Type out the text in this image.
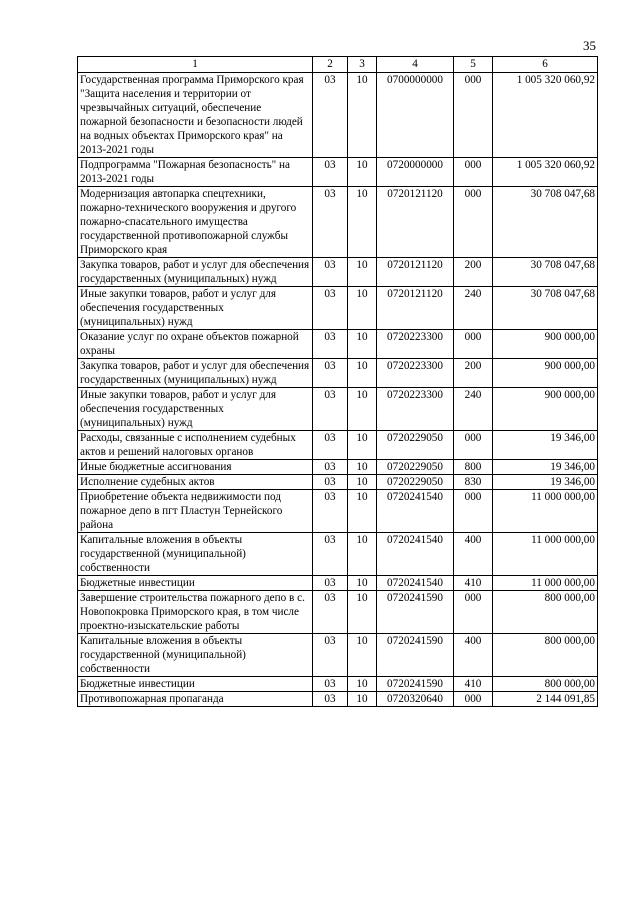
35
1	2	3	4	5	6
Государственная программа Приморского края "Защита населения и территории от чрезвычайных ситуаций, обеспечение пожарной безопасности и безопасности людей на водных объектах Приморского края" на 2013-2021 годы	03	10	0700000000	000	1 005 320 060,92
Подпрограмма "Пожарная безопасность" на 2013-2021 годы	03	10	0720000000	000	1 005 320 060,92
Модернизация автопарка спецтехники, пожарно-технического вооружения и другого пожарно-спасательного имущества государственной противопожарной службы Приморского края	03	10	0720121120	000	30 708 047,68
Закупка товаров, работ и услуг для обеспечения государственных (муниципальных) нужд	03	10	0720121120	200	30 708 047,68
Иные закупки товаров, работ и услуг для обеспечения государственных (муниципальных) нужд	03	10	0720121120	240	30 708 047,68
Оказание услуг по охране объектов пожарной охраны	03	10	0720223300	000	900 000,00
Закупка товаров, работ и услуг для обеспечения государственных (муниципальных) нужд	03	10	0720223300	200	900 000,00
Иные закупки товаров, работ и услуг для обеспечения государственных (муниципальных) нужд	03	10	0720223300	240	900 000,00
Расходы, связанные с исполнением судебных актов и решений налоговых органов	03	10	0720229050	000	19 346,00
Иные бюджетные ассигнования	03	10	0720229050	800	19 346,00
Исполнение судебных актов	03	10	0720229050	830	19 346,00
Приобретение объекта недвижимости под пожарное депо в пгт Пластун Тернейского района	03	10	0720241540	000	11 000 000,00
Капитальные вложения в объекты государственной (муниципальной) собственности	03	10	0720241540	400	11 000 000,00
Бюджетные инвестиции	03	10	0720241540	410	11 000 000,00
Завершение строительства пожарного депо в с. Новопокровка Приморского края, в том числе проектно-изыскательские работы	03	10	0720241590	000	800 000,00
Капитальные вложения в объекты государственной (муниципальной) собственности	03	10	0720241590	400	800 000,00
Бюджетные инвестиции	03	10	0720241590	410	800 000,00
Противопожарная пропаганда	03	10	0720320640	000	2 144 091,85
